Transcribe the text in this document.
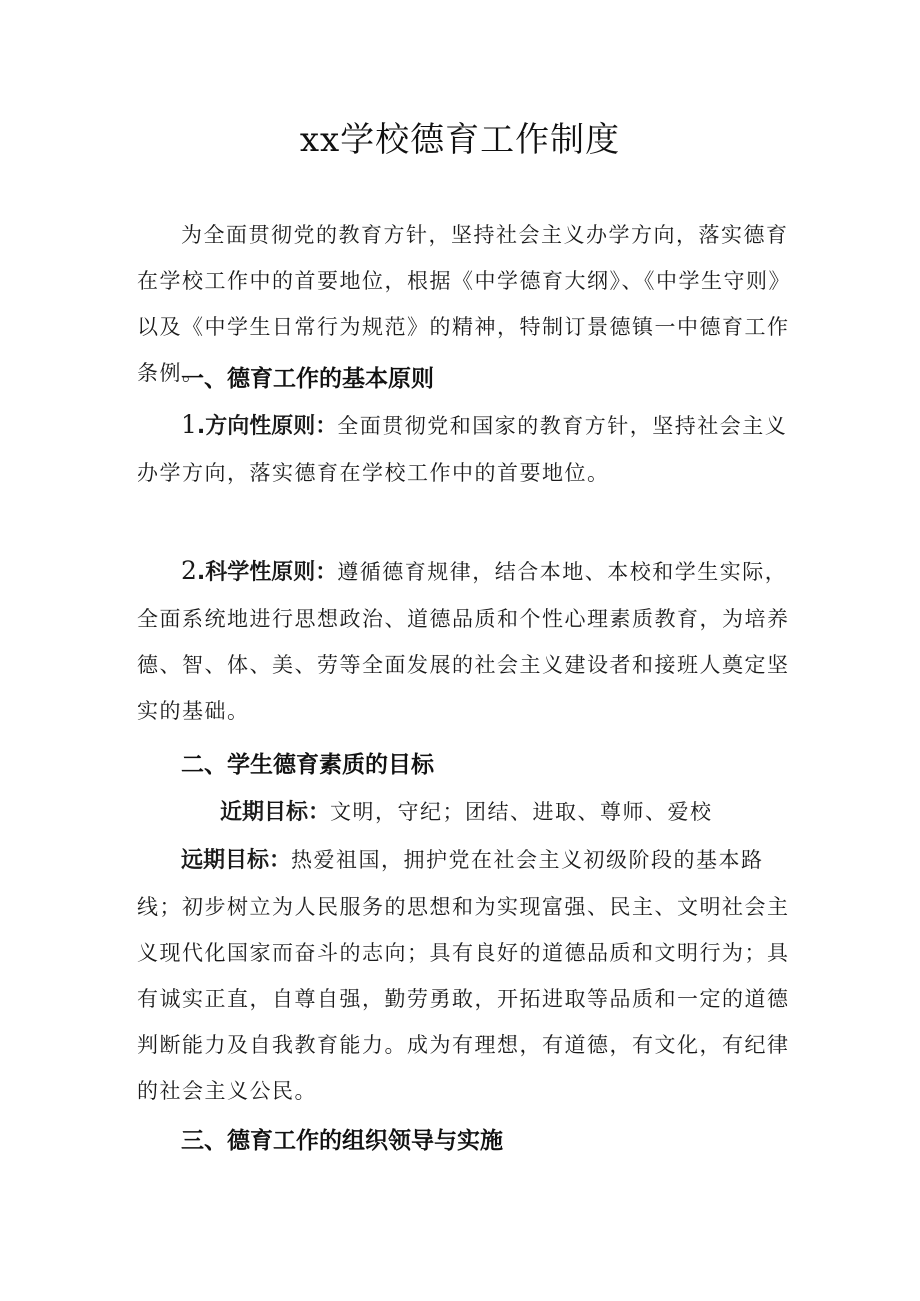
xx学校德育工作制度

为全面贯彻党的教育方针，坚持社会主义办学方向，落实德育在学校工作中的首要地位，根据《中学德育大纲》、《中学生守则》以及《中学生日常行为规范》的精神，特制订景德镇一中德育工作条例。

一、德育工作的基本原则

1.方向性原则：全面贯彻党和国家的教育方针，坚持社会主义办学方向，落实德育在学校工作中的首要地位。

2.科学性原则：遵循德育规律，结合本地、本校和学生实际，全面系统地进行思想政治、道德品质和个性心理素质教育，为培养德、智、体、美、劳等全面发展的社会主义建设者和接班人奠定坚实的基础。

二、学生德育素质的目标

近期目标：文明，守纪；团结、进取、尊师、爱校

远期目标：热爱祖国，拥护党在社会主义初级阶段的基本路线；初步树立为人民服务的思想和为实现富强、民主、文明社会主义现代化国家而奋斗的志向；具有良好的道德品质和文明行为；具有诚实正直，自尊自强，勤劳勇敢，开拓进取等品质和一定的道德判断能力及自我教育能力。成为有理想，有道德，有文化，有纪律的社会主义公民。

三、德育工作的组织领导与实施
